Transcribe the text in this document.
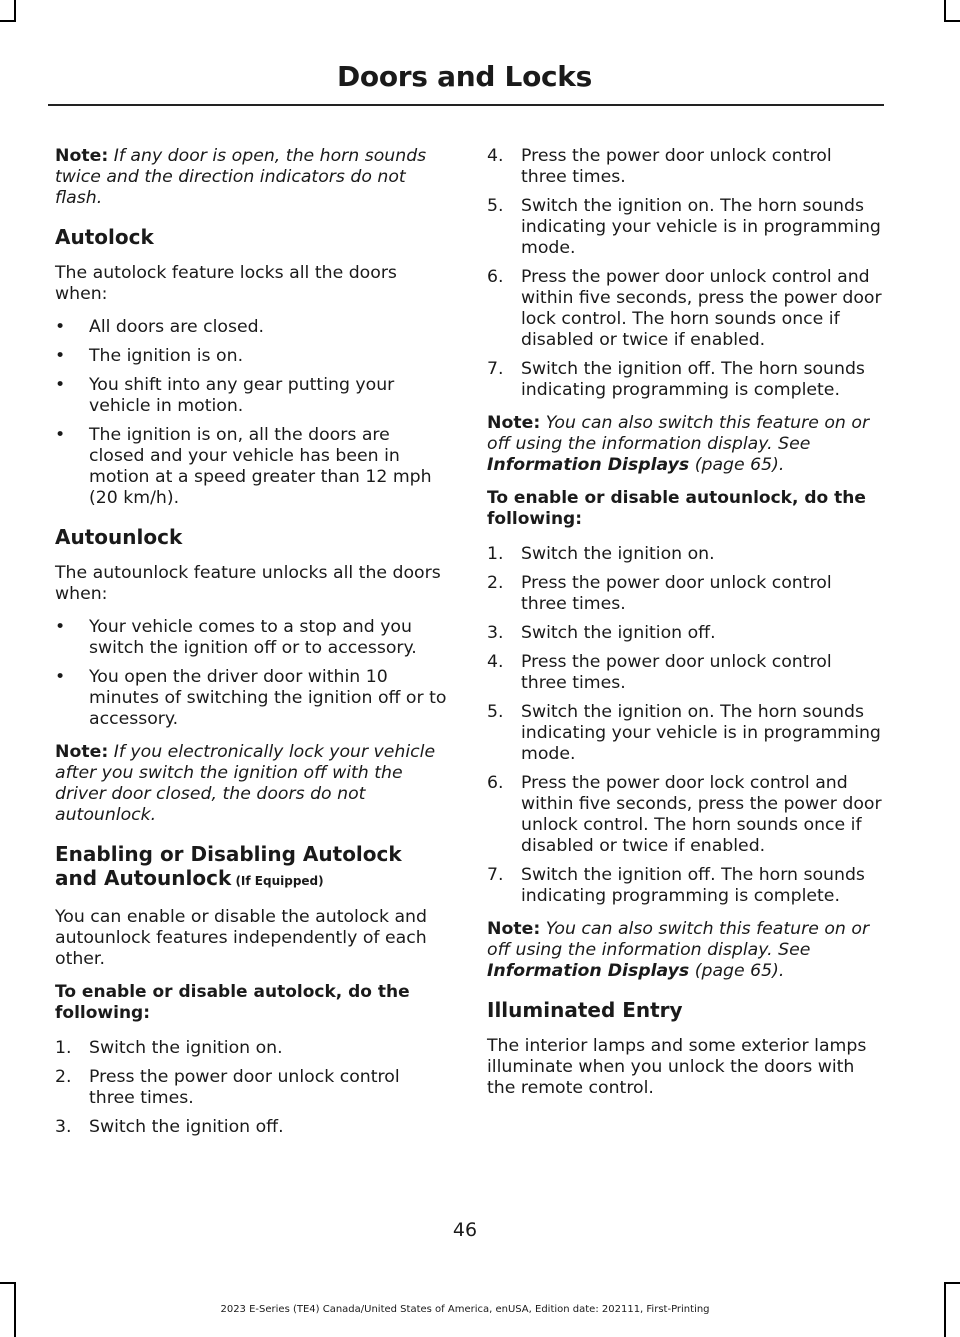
Doors and Locks

Note: If any door is open, the horn sounds twice and the direction indicators do not flash.

Autolock

The autolock feature locks all the doors when:

• All doors are closed.
• The ignition is on.
• You shift into any gear putting your vehicle in motion.
• The ignition is on, all the doors are closed and your vehicle has been in motion at a speed greater than 12 mph (20 km/h).
Autounlock

The autounlock feature unlocks all the doors when:

• Your vehicle comes to a stop and you switch the ignition off or to accessory.
• You open the driver door within 10 minutes of switching the ignition off or to accessory.

Note: If you electronically lock your vehicle after you switch the ignition off with the driver door closed, the doors do not autounlock.

Enabling or Disabling Autolock and Autounlock (If Equipped)

You can enable or disable the autolock and autounlock features independently of each other.

To enable or disable autolock, do the following:
1. Switch the ignition on.
2. Press the power door unlock control three times.
3. Switch the ignition off.
4. Press the power door unlock control three times.
5. Switch the ignition on. The horn sounds indicating your vehicle is in programming mode.
6. Press the power door unlock control and within five seconds, press the power door lock control. The horn sounds once if disabled or twice if enabled.
7. Switch the ignition off. The horn sounds indicating programming is complete.

Note: You can also switch this feature on or off using the information display. See Information Displays (page 65).

To enable or disable autounlock, do the following:
1. Switch the ignition on.
2. Press the power door unlock control three times.
3. Switch the ignition off.
4. Press the power door unlock control three times.
5. Switch the ignition on. The horn sounds indicating your vehicle is in programming mode.
6. Press the power door lock control and within five seconds, press the power door unlock control. The horn sounds once if disabled or twice if enabled.
7. Switch the ignition off. The horn sounds indicating programming is complete.

Note: You can also switch this feature on or off using the information display. See Information Displays (page 65).

Illuminated Entry

The interior lamps and some exterior lamps illuminate when you unlock the doors with the remote control.

46
2023 E-Series (TE4) Canada/United States of America, enUSA, Edition date: 202111, First-Printing
